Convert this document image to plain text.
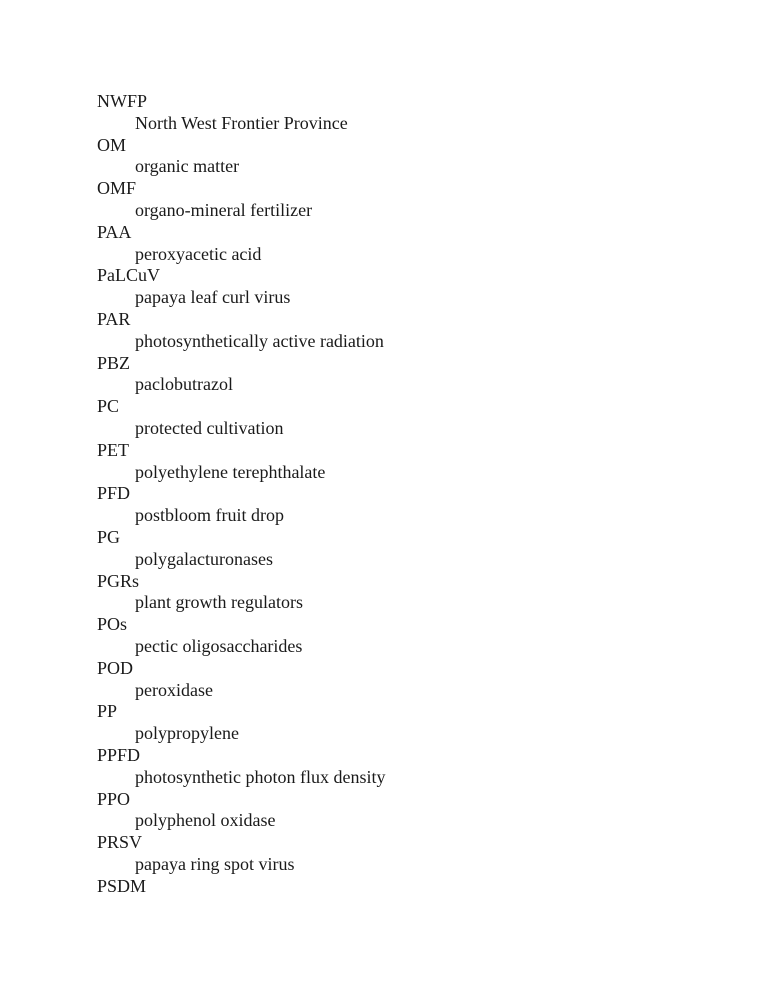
NWFP
North West Frontier Province
OM
organic matter
OMF
organo-mineral fertilizer
PAA
peroxyacetic acid
PaLCuV
papaya leaf curl virus
PAR
photosynthetically active radiation
PBZ
paclobutrazol
PC
protected cultivation
PET
polyethylene terephthalate
PFD
postbloom fruit drop
PG
polygalacturonases
PGRs
plant growth regulators
POs
pectic oligosaccharides
POD
peroxidase
PP
polypropylene
PPFD
photosynthetic photon flux density
PPO
polyphenol oxidase
PRSV
papaya ring spot virus
PSDM
